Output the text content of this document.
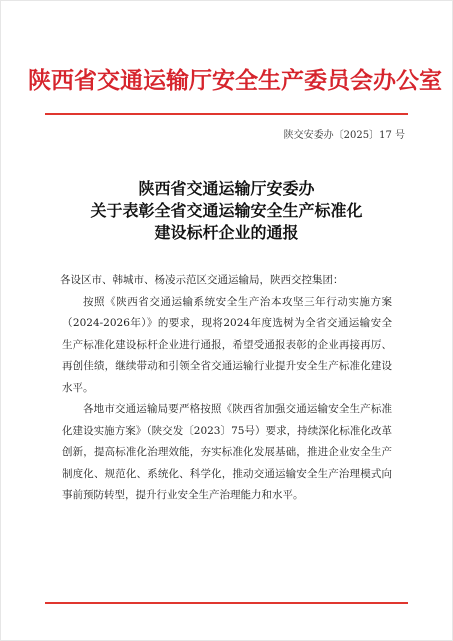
陕西省交通运输厅安全生产委员会办公室
陕交安委办〔2025〕17 号
陕西省交通运输厅安委办
关于表彰全省交通运输安全生产标准化
建设标杆企业的通报
各设区市、韩城市、杨凌示范区交通运输局，陕西交控集团：

按照《陕西省交通运输系统安全生产治本攻坚三年行动实施方案（2024-2026年）》的要求，现将2024年度选树为全省交通运输安全生产标准化建设标杆企业进行通报，希望受通报表彰的企业再接再厉、再创佳绩，继续带动和引领全省交通运输行业提升安全生产标准化建设水平。

各地市交通运输局要严格按照《陕西省加强交通运输安全生产标准化建设实施方案》（陕交发〔2023〕75号）要求，持续深化标准化改革创新，提高标准化治理效能，夯实标准化发展基础，推进企业安全生产制度化、规范化、系统化、科学化，推动交通运输安全生产治理模式向事前预防转型，提升行业安全生产治理能力和水平。
